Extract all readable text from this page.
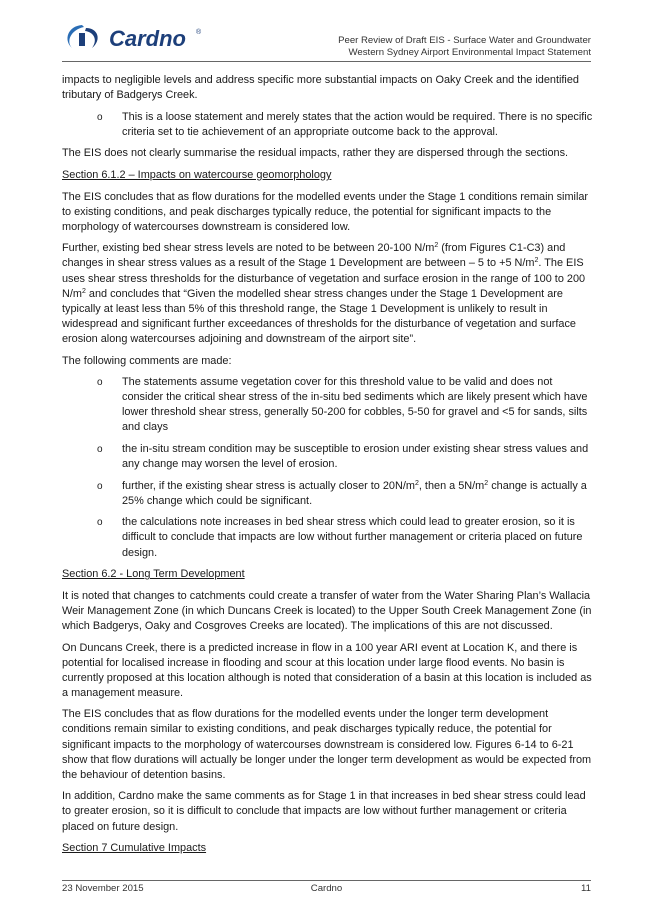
Cardno ®
Peer Review of Draft EIS - Surface Water and Groundwater
Western Sydney Airport Environmental Impact Statement

impacts to negligible levels and address specific more substantial impacts on Oaky Creek and the identified tributary of Badgerys Creek.

o This is a loose statement and merely states that the action would be required. There is no specific criteria set to tie achievement of an appropriate outcome back to the approval.

The EIS does not clearly summarise the residual impacts, rather they are dispersed through the sections.

Section 6.1.2 – Impacts on watercourse geomorphology

The EIS concludes that as flow durations for the modelled events under the Stage 1 conditions remain similar to existing conditions, and peak discharges typically reduce, the potential for significant impacts to the morphology of watercourses downstream is considered low.

Further, existing bed shear stress levels are noted to be between 20-100 $N/m^2$ (from Figures C1-C3) and changes in shear stress values as a result of the Stage 1 Development are between – 5 to +5 $N/m^2$. The EIS uses shear stress thresholds for the disturbance of vegetation and surface erosion in the range of 100 to 200 $N/m^2$ and concludes that “Given the modelled shear stress changes under the Stage 1 Development are typically at least less than 5% of this threshold range, the Stage 1 Development is unlikely to result in widespread and significant further exceedances of thresholds for the disturbance of vegetation and surface erosion along watercourses adjoining and downstream of the airport site”.

The following comments are made:

o The statements assume vegetation cover for this threshold value to be valid and does not consider the critical shear stress of the in-situ bed sediments which are likely present which have lower threshold shear stress, generally 50-200 for cobbles, 5-50 for gravel and <5 for sands, silts and clays
o the in-situ stream condition may be susceptible to erosion under existing shear stress values and any change may worsen the level of erosion.
o further, if the existing shear stress is actually closer to $20N/m^2$, then a $5N/m^2$ change is actually a 25% change which could be significant.
o the calculations note increases in bed shear stress which could lead to greater erosion, so it is difficult to conclude that impacts are low without further management or criteria placed on future design.

Section 6.2 - Long Term Development

It is noted that changes to catchments could create a transfer of water from the Water Sharing Plan’s Wallacia Weir Management Zone (in which Duncans Creek is located) to the Upper South Creek Management Zone (in which Badgerys, Oaky and Cosgroves Creeks are located). The implications of this are not discussed.

On Duncans Creek, there is a predicted increase in flow in a 100 year ARI event at Location K, and there is potential for localised increase in flooding and scour at this location under large flood events. No basin is currently proposed at this location although is noted that consideration of a basin at this location is included as a management measure.

The EIS concludes that as flow durations for the modelled events under the longer term development conditions remain similar to existing conditions, and peak discharges typically reduce, the potential for significant impacts to the morphology of watercourses downstream is considered low. Figures 6-14 to 6-21 show that flow durations will actually be longer under the longer term development as would be expected from the behaviour of detention basins.

In addition, Cardno make the same comments as for Stage 1 in that increases in bed shear stress could lead to greater erosion, so it is difficult to conclude that impacts are low without further management or criteria placed on future design.

Section 7 Cumulative Impacts

23 November 2015	Cardno	11
